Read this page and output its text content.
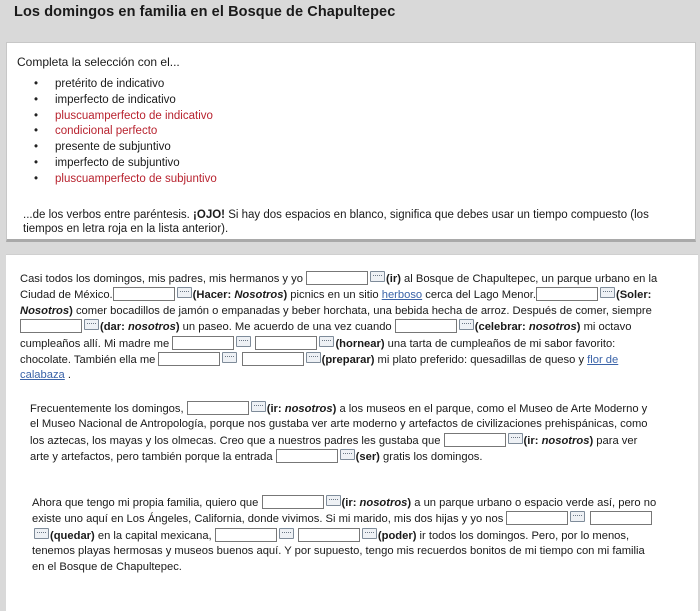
Los domingos en familia en el Bosque de Chapultepec
Completa la selección con el...
• pretérito de indicativo
• imperfecto de indicativo
• pluscuamperfecto de indicativo
• condicional perfecto
• presente de subjuntivo
• imperfecto de subjuntivo
• pluscuamperfecto de subjuntivo
...de los verbos entre paréntesis. ¡OJO! Si hay dos espacios en blanco, significa que debes usar un tiempo compuesto (los tiempos en letra roja en la lista anterior).
Casi todos los domingos, mis padres, mis hermanos y yo	(ir) al Bosque de Chapultepec, un parque urbano en la Ciudad de México.	(Hacer: Nosotros) picnics en un sitio herboso cerca del Lago Menor.	(Soler: Nosotros) comer bocadillos de jamón o empanadas y beber horchata, una bebida hecha de arroz. Después de comer, siempre (dar: nosotros) un paseo. Me acuerdo de una vez cuando	(celebrar: nosotros) mi octavo cumpleaños allí. Mi madre me	(hornear) una tarta de cumpleaños de mi sabor favorito: chocolate. También ella me	(preparar) mi plato preferido: quesadillas de queso y flor de calabaza .
Frecuentemente los domingos,	(ir: nosotros) a los museos en el parque, como el Museo de Arte Moderno y el Museo Nacional de Antropología, porque nos gustaba ver arte moderno y artefactos de civilizaciones prehispánicas, como los aztecas, los mayas y los olmecas. Creo que a nuestros padres les gustaba que	(ir: nosotros) para ver arte y artefactos, pero también porque la entrada	(ser) gratis los domingos.
Ahora que tengo mi propia familia, quiero que	(ir: nosotros) a un parque urbano o espacio verde así, pero no existe uno aquí en Los Ángeles, California, donde vivimos. Si mi marido, mis dos hijas y yo nos  (quedar) en la capital mexicana,	(poder) ir todos los domingos. Pero, por lo menos, tenemos playas hermosas y museos buenos aquí. Y por supuesto, tengo mis recuerdos bonitos de mi tiempo con mi familia en el Bosque de Chapultepec.
